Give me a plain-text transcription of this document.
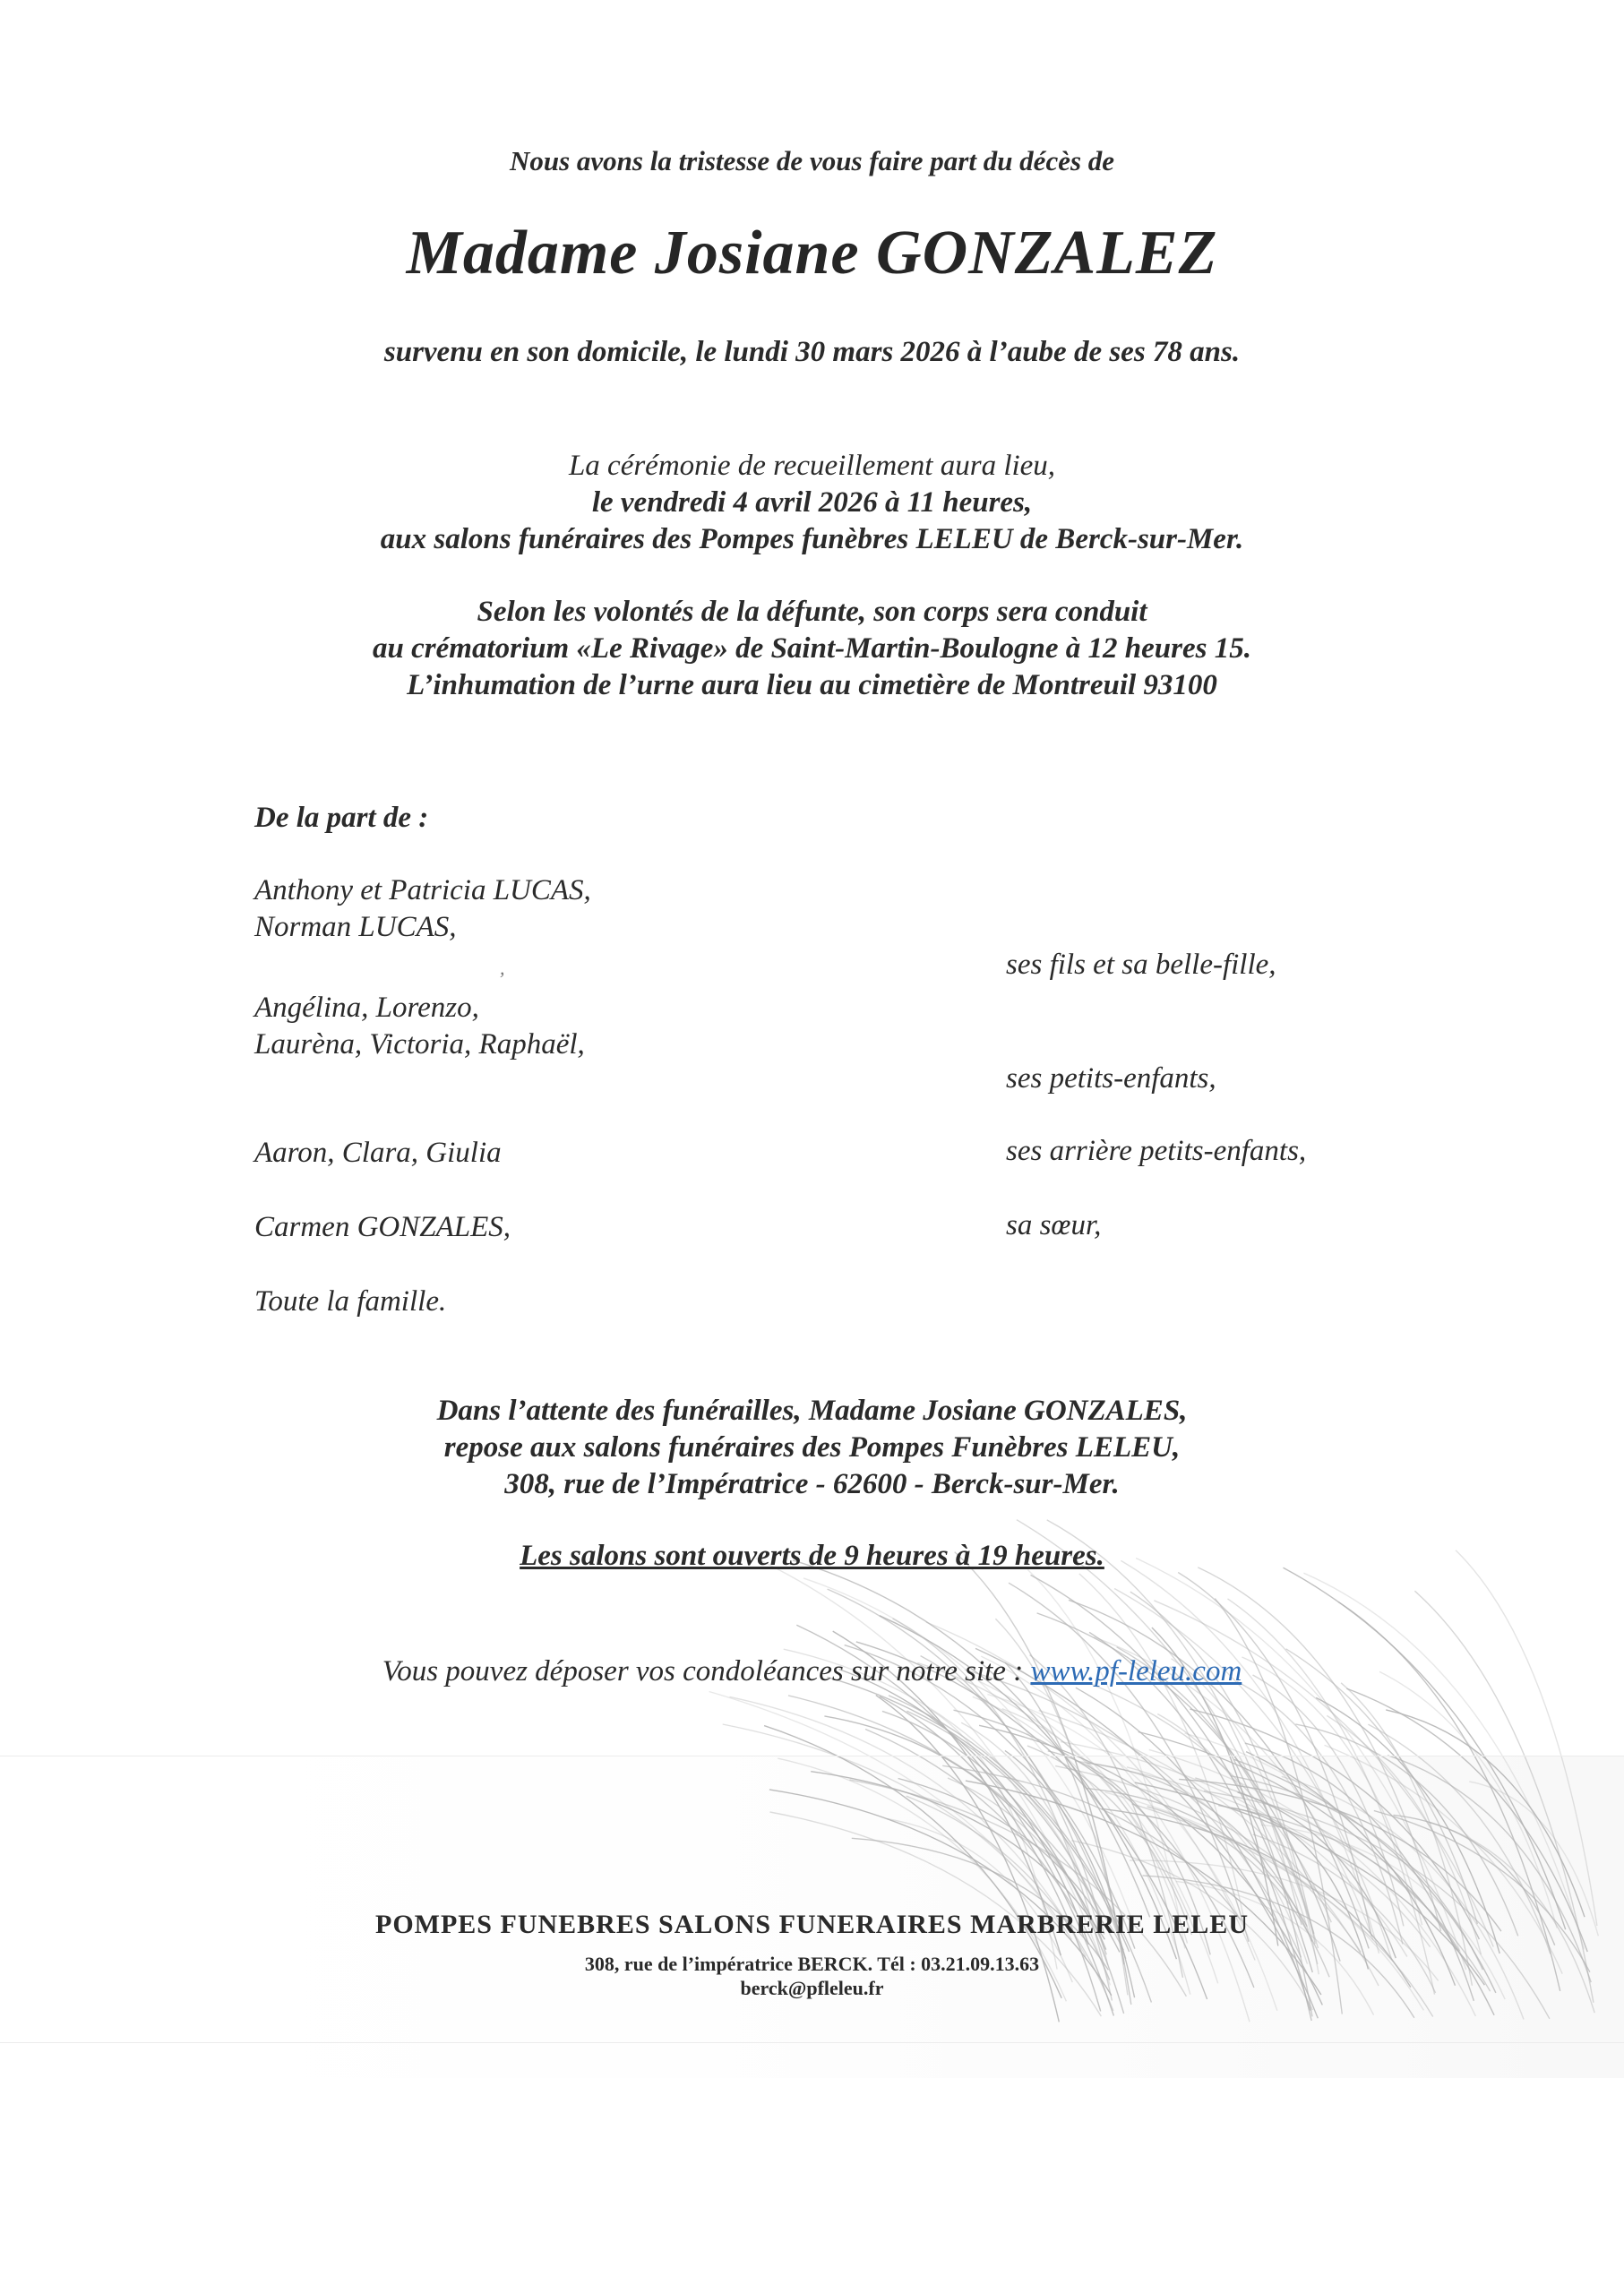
Nous avons la tristesse de vous faire part du décès de
Madame Josiane GONZALEZ
survenu en son domicile, le lundi 30 mars 2026 à l’aube de ses 78 ans.
La cérémonie de recueillement aura lieu,
le vendredi 4 avril 2026 à 11 heures,
aux salons funéraires des Pompes funèbres LELEU de Berck-sur-Mer.
Selon les volontés de la défunte, son corps sera conduit
au crématorium «Le Rivage» de Saint-Martin-Boulogne à 12 heures 15.
L’inhumation de l’urne aura lieu au cimetière de Montreuil 93100
De la part de :
Anthony et Patricia LUCAS,
Norman LUCAS,
,	ses fils et sa belle-fille,
Angélina, Lorenzo,
Laurèna, Victoria, Raphaël,
ses petits-enfants,
Aaron, Clara, Giulia	ses arrière petits-enfants,
Carmen GONZALES,	sa sœur,
Toute la famille.
Dans l’attente des funérailles, Madame Josiane GONZALES,
repose aux salons funéraires des Pompes Funèbres LELEU,
308, rue de l’Impératrice - 62600 - Berck-sur-Mer.
Les salons sont ouverts de 9 heures à 19 heures.
Vous pouvez déposer vos condoléances sur notre site : www.pf-leleu.com
POMPES FUNEBRES SALONS FUNERAIRES MARBRERIE LELEU
308, rue de l’impératrice BERCK. Tél : 03.21.09.13.63
berck@pfleleu.fr
